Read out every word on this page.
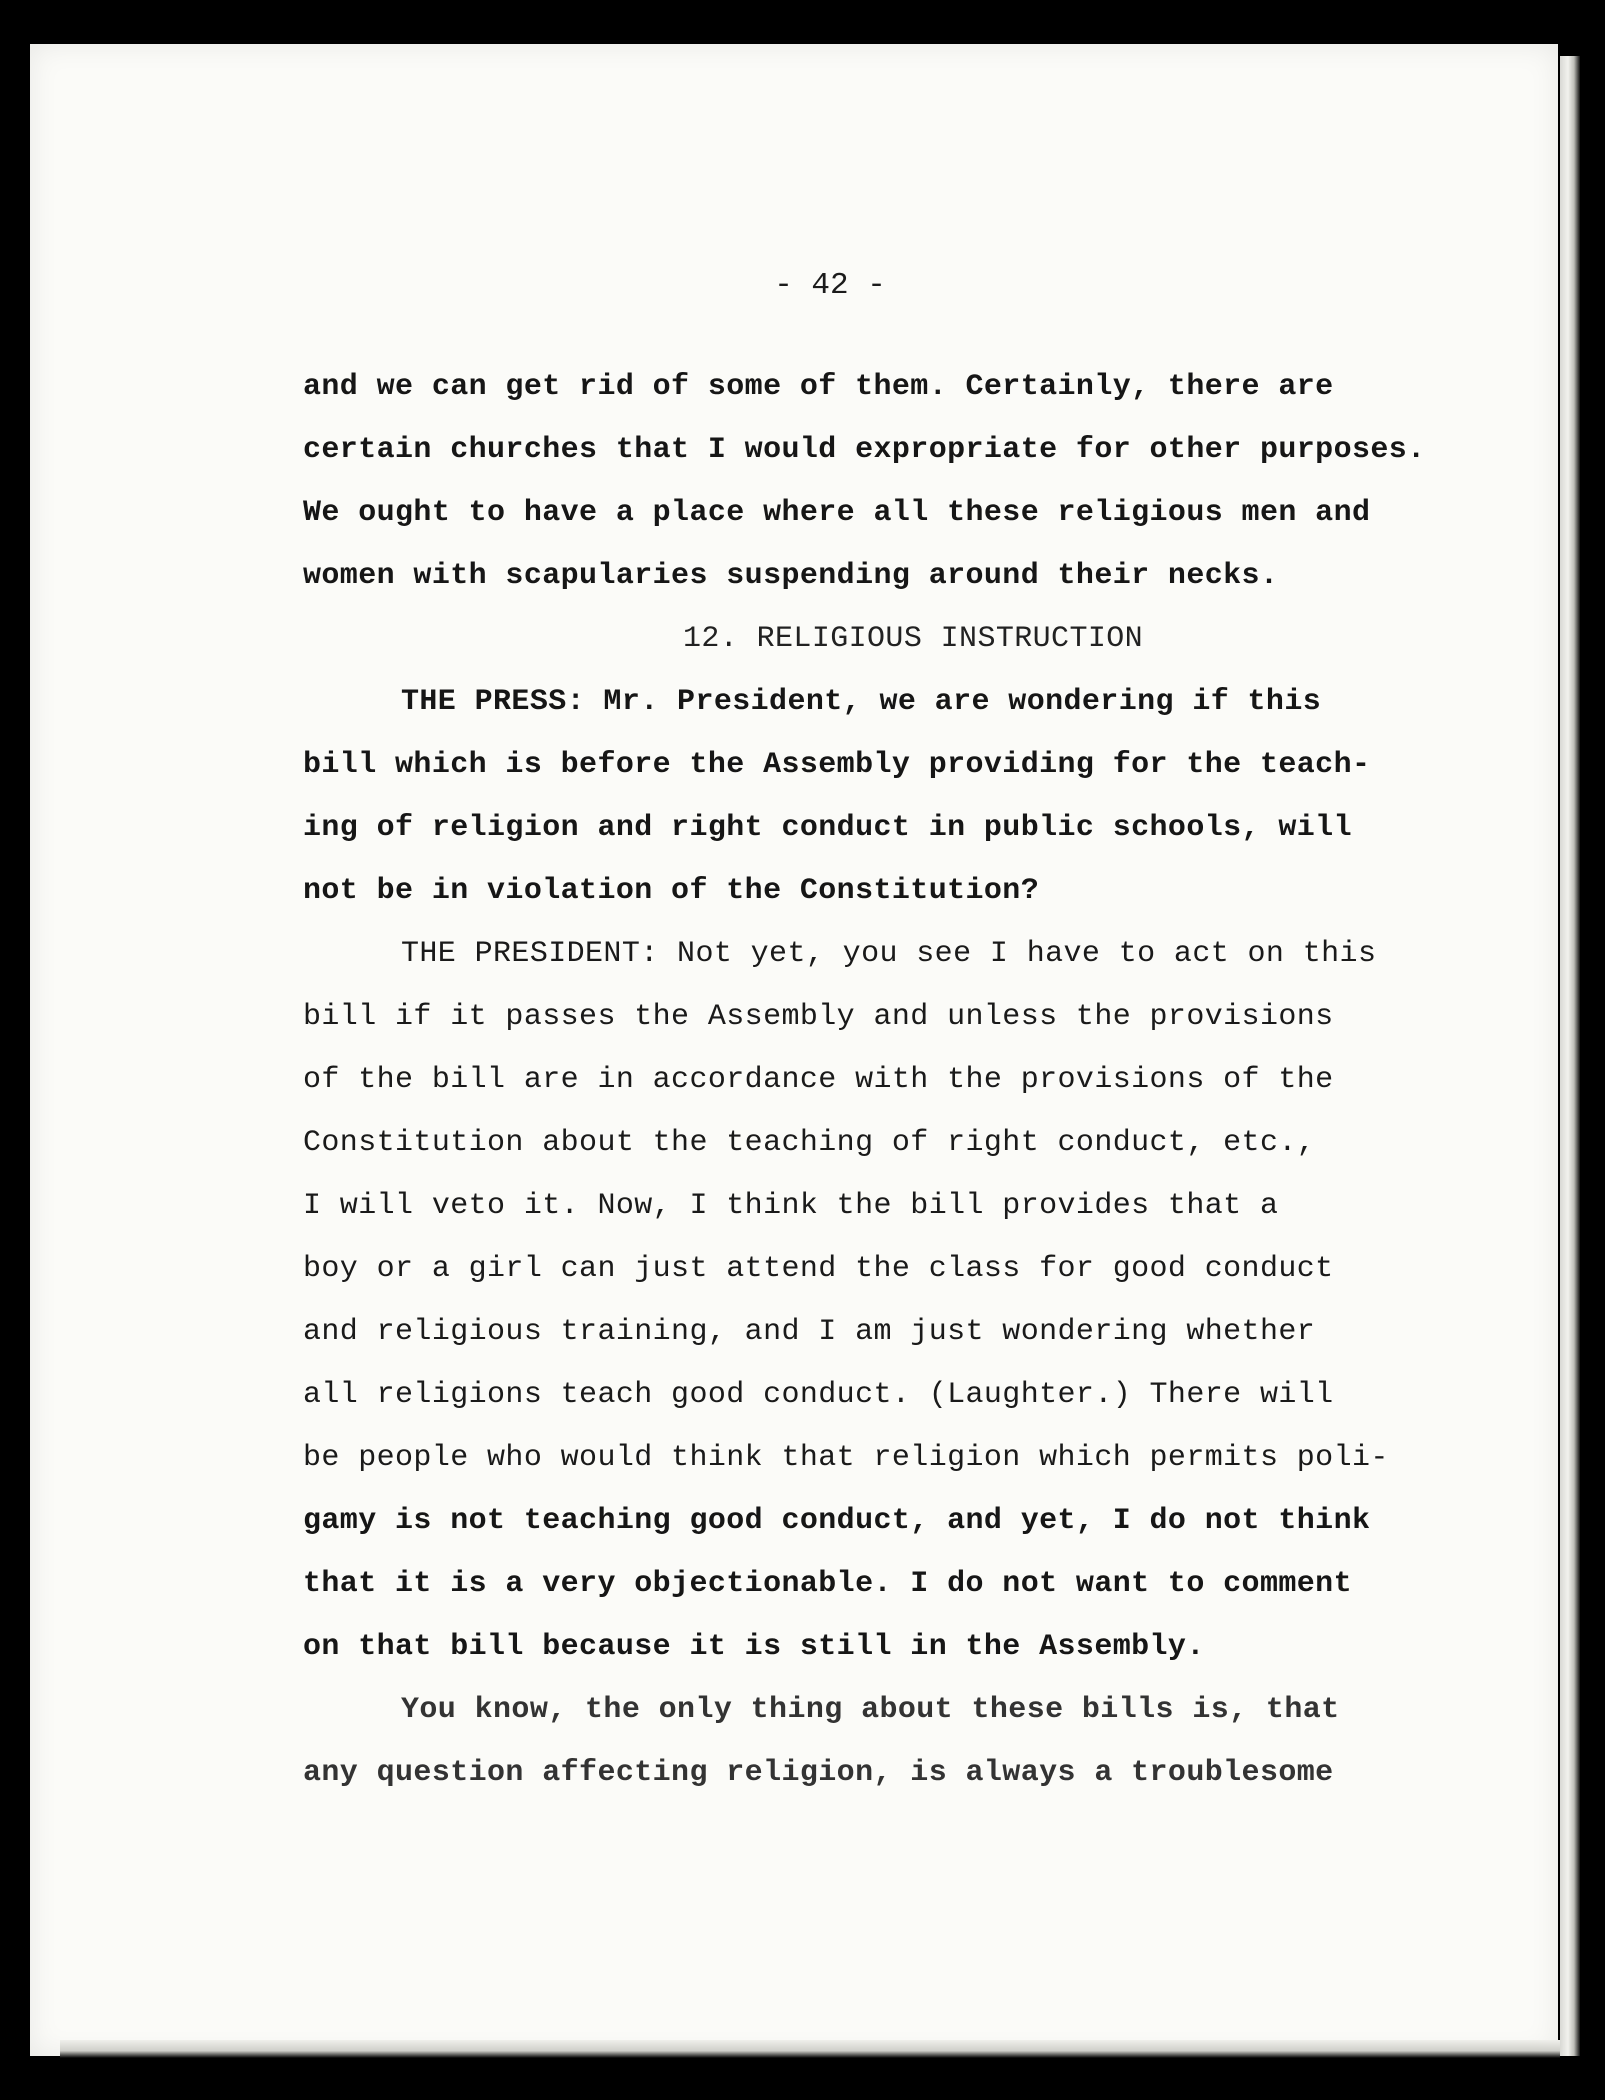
- 42 -
and we can get rid of some of them. Certainly, there are
certain churches that I would expropriate for other purposes.
We ought to have a place where all these religious men and
women with scapularies suspending around their necks.
12. RELIGIOUS INSTRUCTION
THE PRESS: Mr. President, we are wondering if this
bill which is before the Assembly providing for the teach-
ing of religion and right conduct in public schools, will
not be in violation of the Constitution?
THE PRESIDENT: Not yet, you see I have to act on this
bill if it passes the Assembly and unless the provisions
of the bill are in accordance with the provisions of the
Constitution about the teaching of right conduct, etc.,
I will veto it. Now, I think the bill provides that a
boy or a girl can just attend the class for good conduct
and religious training, and I am just wondering whether
all religions teach good conduct. (Laughter.) There will
be people who would think that religion which permits poli-
gamy is not teaching good conduct, and yet, I do not think
that it is a very objectionable. I do not want to comment
on that bill because it is still in the Assembly.
You know, the only thing about these bills is, that
any question affecting religion, is always a troublesome
